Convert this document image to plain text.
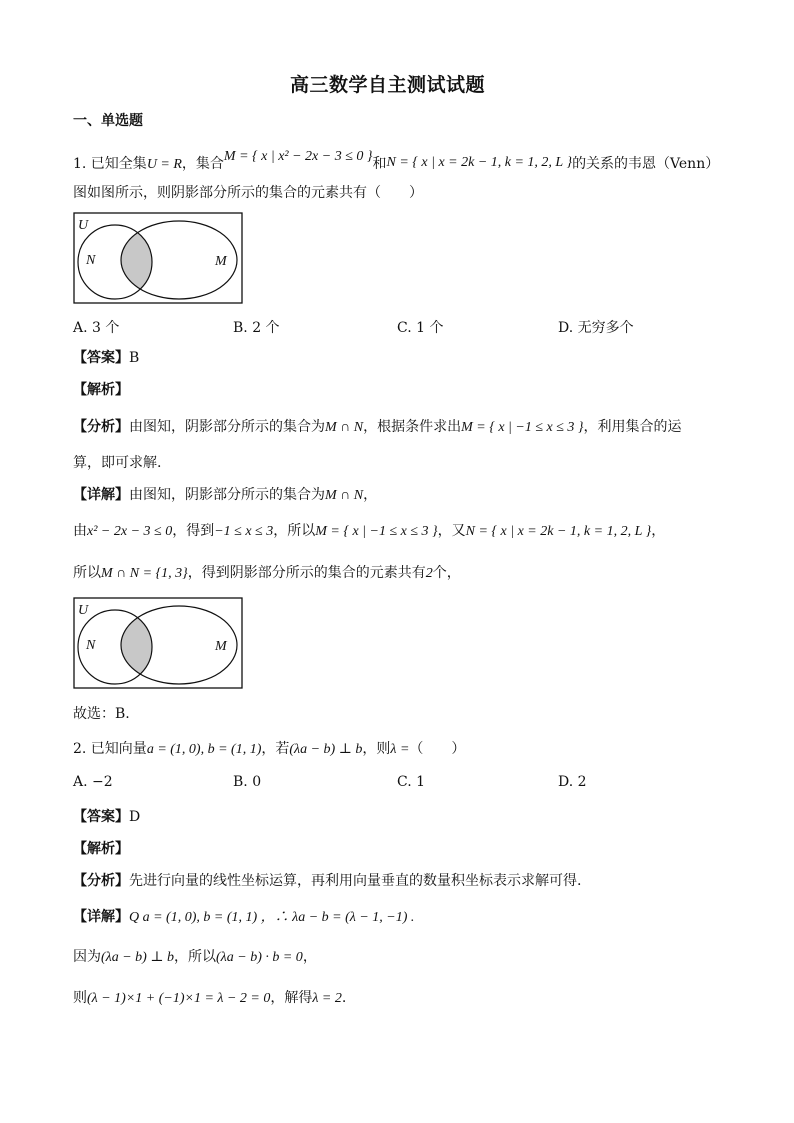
高三数学自主测试试题
一、单选题
1. 已知全集U = R，集合M = { x | x² − 2x − 3 ≤ 0 }和N = { x | x = 2k − 1, k = 1, 2, L }的关系的韦恩（Venn）
图如图所示，则阴影部分所示的集合的元素共有（　　）
U
N	M
A. 3 个	B. 2 个	C. 1 个	D. 无穷多个
【答案】B
【解析】
【分析】由图知，阴影部分所示的集合为M ∩ N，根据条件求出M = { x | −1 ≤ x ≤ 3 }，利用集合的运
算，即可求解.
【详解】由图知，阴影部分所示的集合为M ∩ N，
由x² − 2x − 3 ≤ 0，得到−1 ≤ x ≤ 3，所以M = { x | −1 ≤ x ≤ 3 }，又N = { x | x = 2k − 1, k = 1, 2, L }，
所以M ∩ N = {1, 3}，得到阴影部分所示的集合的元素共有2个，
U
N	M
故选：B.
2. 已知向量a = (1, 0), b = (1, 1)，若(λa − b) ⊥ b，则λ =（　　）
A. −2	B. 0	C. 1	D. 2
【答案】D
【解析】
【分析】先进行向量的线性坐标运算，再利用向量垂直的数量积坐标表示求解可得.
【详解】Q a = (1, 0), b = (1, 1) ，∴ λa − b = (λ − 1, −1) .
因为(λa − b) ⊥ b，所以(λa − b) · b = 0，
则(λ − 1)×1 + (−1)×1 = λ − 2 = 0，解得λ = 2.
